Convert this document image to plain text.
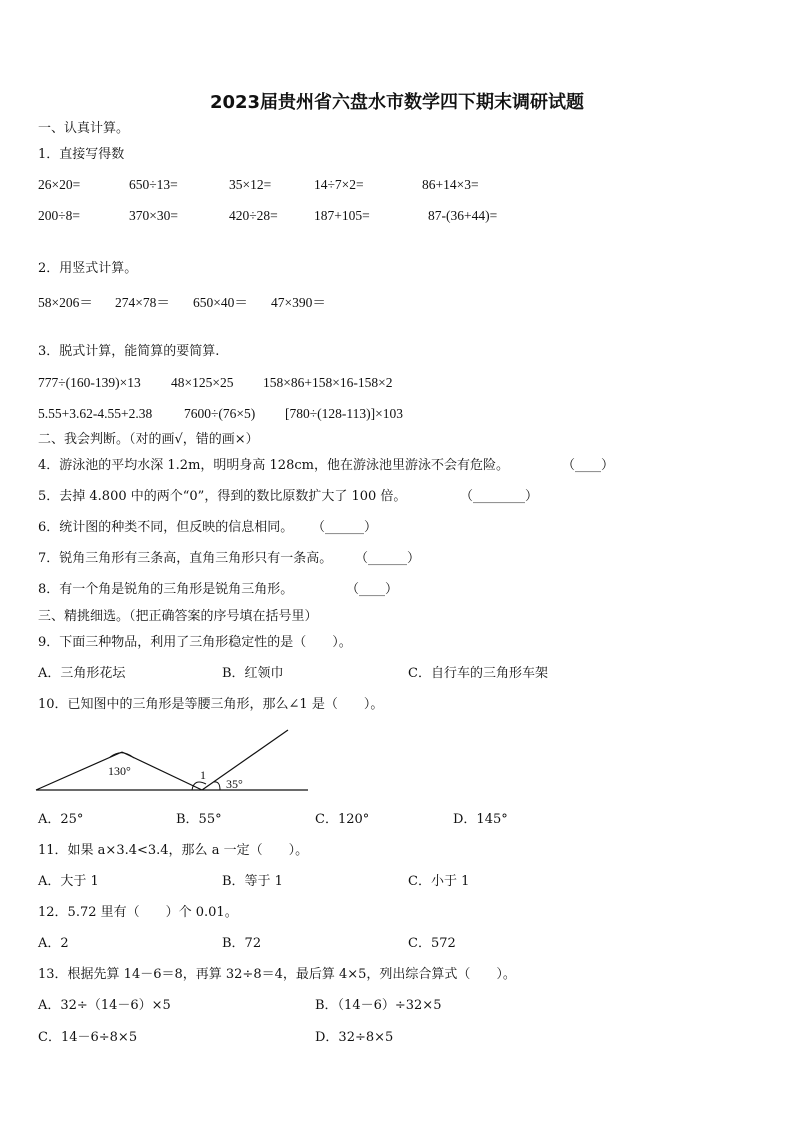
2023届贵州省六盘水市数学四下期末调研试题
一、认真计算。
1．直接写得数
26×20=	650÷13=	35×12=	14÷7×2=	86+14×3=
200÷8=	370×30=	420÷28=	187+105=	87-(36+44)=
2．用竖式计算。
58×206＝ 274×78＝ 650×40＝ 47×390＝
3．脱式计算，能简算的要简算.
777÷(160-139)×13 48×125×25 158×86+158×16-158×2
5.55+3.62-4.55+2.38 7600÷(76×5) [780÷(128-113)]×103
二、我会判断。（对的画√，错的画×）
4．游泳池的平均水深 1.2m，明明身高 128cm，他在游泳池里游泳不会有危险。	（____）
5．去掉 4.800 中的两个“0”，得到的数比原数扩大了 100 倍。	（________）
6．统计图的种类不同，但反映的信息相同。 （______）
7．锐角三角形有三条高，直角三角形只有一条高。 （______）
8．有一个角是锐角的三角形是锐角三角形。	（____）
三、精挑细选。（把正确答案的序号填在括号里）
9．下面三种物品，利用了三角形稳定性的是（　　）。
A．三角形花坛	B．红领巾	C．自行车的三角形车架
10．已知图中的三角形是等腰三角形，那么∠1 是（　　）。
130°	1
35°
A．25°	B．55°	C．120°	D．145°
11．如果 a×3.4<3.4，那么 a 一定（　　）。
A．大于 1	B．等于 1	C．小于 1
12．5.72 里有（　　）个 0.01。
A．2	B．72	C．572
13．根据先算 14－6＝8，再算 32÷8＝4，最后算 4×5，列出综合算式（　　）。
A．32÷（14－6）×5	B．（14－6）÷32×5
C．14－6÷8×5	D．32÷8×5
